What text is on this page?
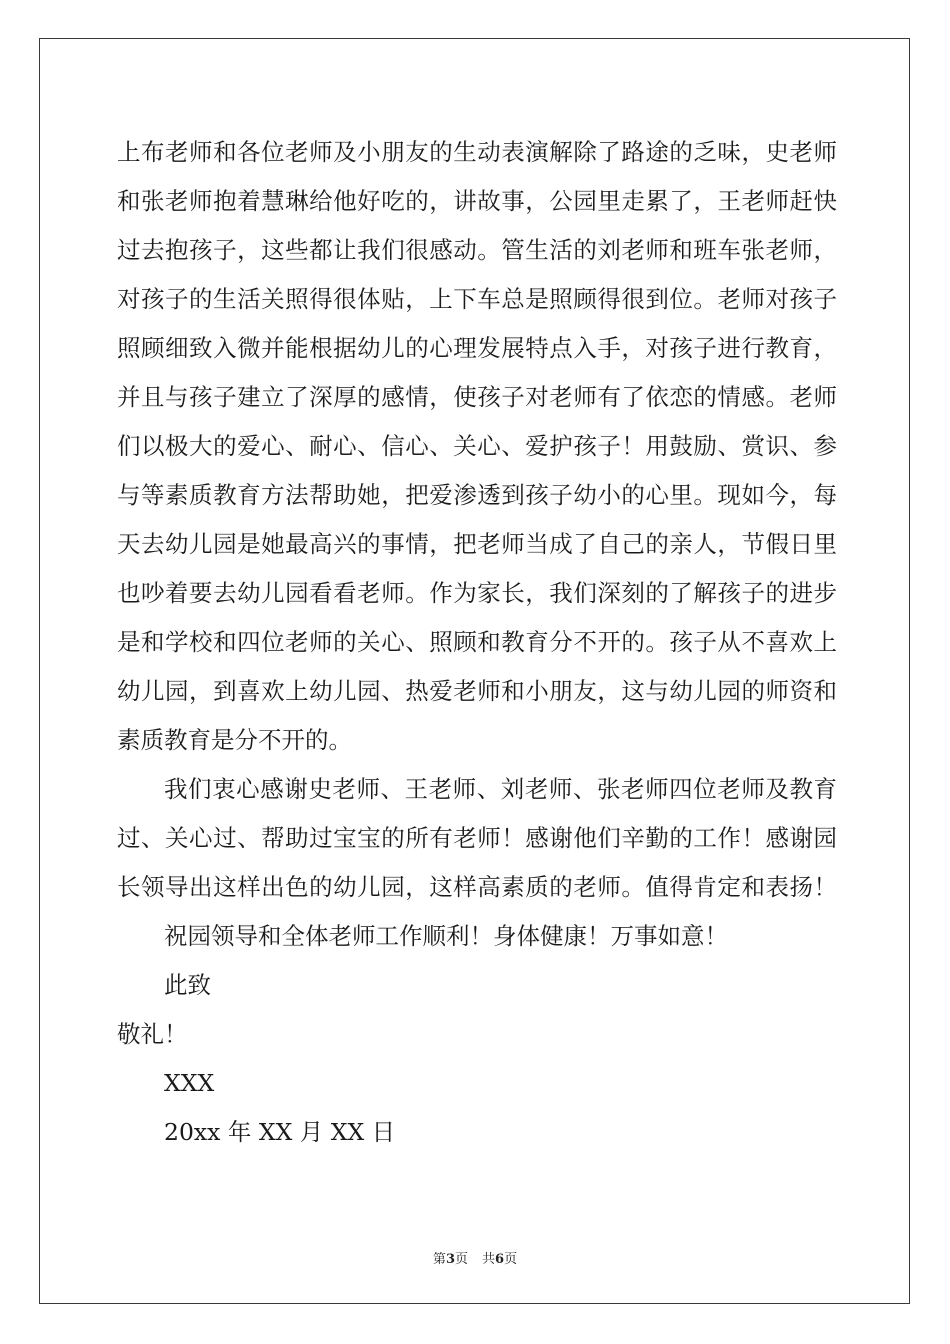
上布老师和各位老师及小朋友的生动表演解除了路途的乏味，史老师
和张老师抱着慧琳给他好吃的，讲故事，公园里走累了，王老师赶快
过去抱孩子，这些都让我们很感动。管生活的刘老师和班车张老师，
对孩子的生活关照得很体贴，上下车总是照顾得很到位。老师对孩子
照顾细致入微并能根据幼儿的心理发展特点入手，对孩子进行教育，
并且与孩子建立了深厚的感情，使孩子对老师有了依恋的情感。老师
们以极大的爱心、耐心、信心、关心、爱护孩子！用鼓励、赏识、参
与等素质教育方法帮助她，把爱渗透到孩子幼小的心里。现如今，每
天去幼儿园是她最高兴的事情，把老师当成了自己的亲人，节假日里
也吵着要去幼儿园看看老师。作为家长，我们深刻的了解孩子的进步
是和学校和四位老师的关心、照顾和教育分不开的。孩子从不喜欢上
幼儿园，到喜欢上幼儿园、热爱老师和小朋友，这与幼儿园的师资和
素质教育是分不开的。
我们衷心感谢史老师、王老师、刘老师、张老师四位老师及教育
过、关心过、帮助过宝宝的所有老师！感谢他们辛勤的工作！感谢园
长领导出这样出色的幼儿园，这样高素质的老师。值得肯定和表扬！
祝园领导和全体老师工作顺利！身体健康！万事如意！
此致
敬礼！
XXX
20xx 年 XX 月 XX 日
第3页 共6页
